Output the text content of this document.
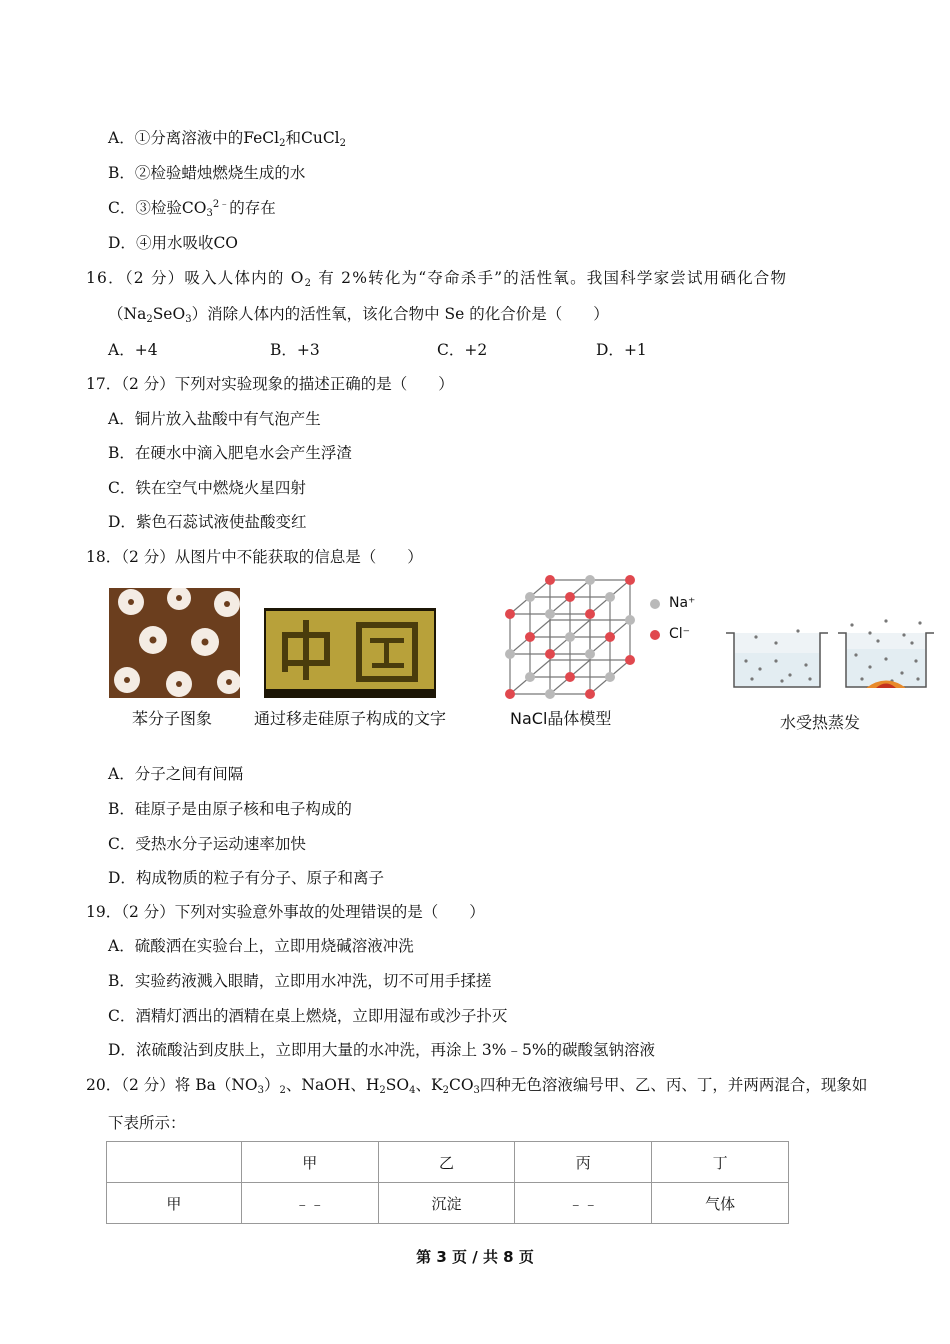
A．①分离溶液中的FeCl$_2$和CuCl$_2$
B．②检验蜡烛燃烧生成的水
C．③检验$CO_3^{2﹣}$的存在
D．④用水吸收CO
16．（2 分）吸入人体内的 $O_2$ 有 2%转化为“夺命杀手”的活性氧。我国科学家尝试用硒化合物
$(Na_2SeO_3)$消除人体内的活性氧，该化合物中 Se 的化合价是（　　）
A．+4	B．+3	C．+2	D．+1
17．（2 分）下列对实验现象的描述正确的是（　　）
A．铜片放入盐酸中有气泡产生
B．在硬水中滴入肥皂水会产生浮渣
C．铁在空气中燃烧火星四射
D．紫色石蕊试液使盐酸变红
18．（2 分）从图片中不能获取的信息是（　　）
苯分子图象	通过移走硅原子构成的文字
Na⁺
Cl⁻
NaCl晶体模型	水受热蒸发
A．分子之间有间隔
B．硅原子是由原子核和电子构成的
C．受热水分子运动速率加快
D．构成物质的粒子有分子、原子和离子
19．（2 分）下列对实验意外事故的处理错误的是（　　）
A．硫酸洒在实验台上，立即用烧碱溶液冲洗
B．实验药液溅入眼睛，立即用水冲洗，切不可用手揉搓
C．酒精灯洒出的酒精在桌上燃烧，立即用湿布或沙子扑灭
D．浓硫酸沾到皮肤上，立即用大量的水冲洗，再涂上 3%﹣5%的碳酸氢钠溶液
20．（2 分）将 $Ba(NO_3)_2$、NaOH、$H_2SO_4$、$K_2CO_3$四种无色溶液编号甲、乙、丙、丁，并两两混合，现象如
下表所示：
	甲	乙	丙	丁
甲	﹣﹣	沉淀	﹣﹣	气体
第 3 页 / 共 8 页
